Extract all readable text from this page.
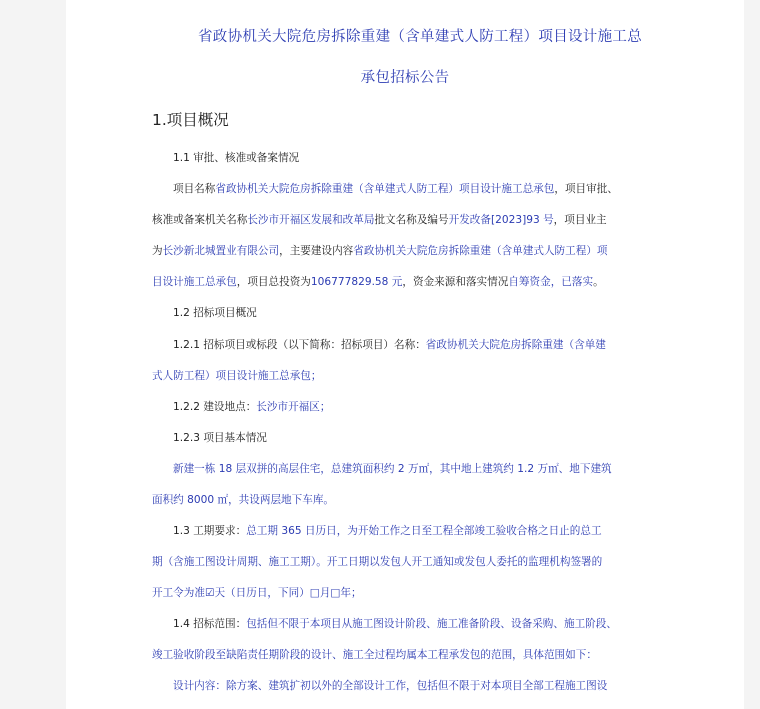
省政协机关大院危房拆除重建（含单建式人防工程）项目设计施工总
承包招标公告
1.项目概况
1.1 审批、核准或备案情况
项目名称省政协机关大院危房拆除重建（含单建式人防工程）项目设计施工总承包，项目审批、
核准或备案机关名称长沙市开福区发展和改革局批文名称及编号开发改备[2023]93 号，项目业主
为长沙新北城置业有限公司，主要建设内容省政协机关大院危房拆除重建（含单建式人防工程）项
目设计施工总承包，项目总投资为106777829.58 元，资金来源和落实情况自筹资金，已落实。
1.2 招标项目概况
1.2.1 招标项目或标段（以下简称：招标项目）名称：省政协机关大院危房拆除重建（含单建
式人防工程）项目设计施工总承包；
1.2.2 建设地点：长沙市开福区；
1.2.3 项目基本情况
新建一栋 18 层双拼的高层住宅，总建筑面积约 2 万㎡，其中地上建筑约 1.2 万㎡、地下建筑
面积约 8000 ㎡，共设两层地下车库。
1.3 工期要求：总工期 365 日历日，为开始工作之日至工程全部竣工验收合格之日止的总工
期（含施工图设计周期、施工工期）。开工日期以发包人开工通知或发包人委托的监理机构签署的
开工令为准☑天（日历日，下同）□月□年；
1.4 招标范围：包括但不限于本项目从施工图设计阶段、施工准备阶段、设备采购、施工阶段、
竣工验收阶段至缺陷责任期阶段的设计、施工全过程均属本工程承发包的范围，具体范围如下：
设计内容：除方案、建筑扩初以外的全部设计工作，包括但不限于对本项目全部工程施工图设
